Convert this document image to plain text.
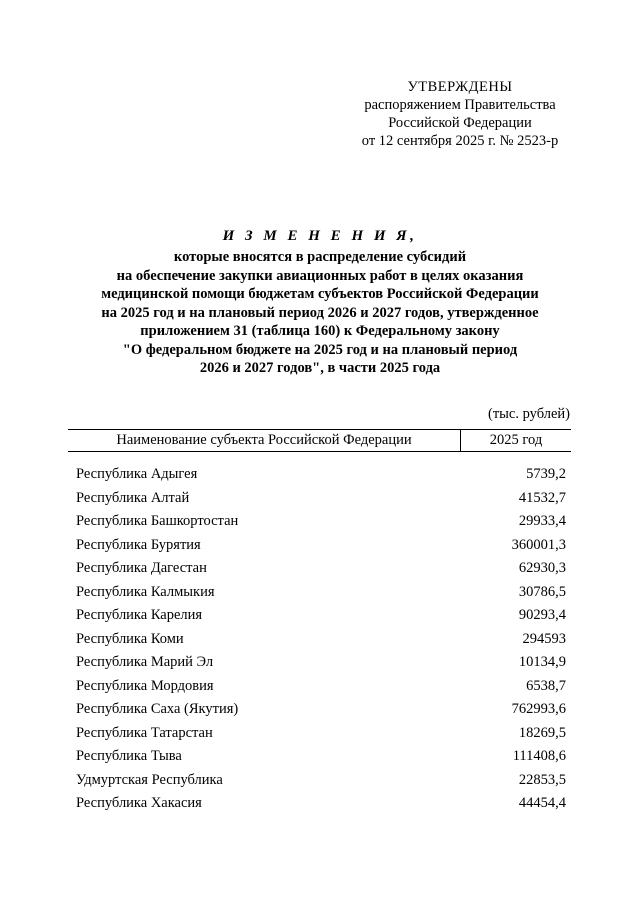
УТВЕРЖДЕНЫ
распоряжением Правительства
Российской Федерации
от 12 сентября 2025 г. № 2523-р
И З М Е Н Е Н И Я,
которые вносятся в распределение субсидий
на обеспечение закупки авиационных работ в целях оказания
медицинской помощи бюджетам субъектов Российской Федерации
на 2025 год и на плановый период 2026 и 2027 годов, утвержденное
приложением 31 (таблица 160) к Федеральному закону
"О федеральном бюджете на 2025 год и на плановый период
2026 и 2027 годов", в части 2025 года
(тыс. рублей)
Наименование субъекта Российской Федерации	2025 год
Республика Адыгея	5739,2
Республика Алтай	41532,7
Республика Башкортостан	29933,4
Республика Бурятия	360001,3
Республика Дагестан	62930,3
Республика Калмыкия	30786,5
Республика Карелия	90293,4
Республика Коми	294593
Республика Марий Эл	10134,9
Республика Мордовия	6538,7
Республика Саха (Якутия)	762993,6
Республика Татарстан	18269,5
Республика Тыва	111408,6
Удмуртская Республика	22853,5
Республика Хакасия	44454,4
